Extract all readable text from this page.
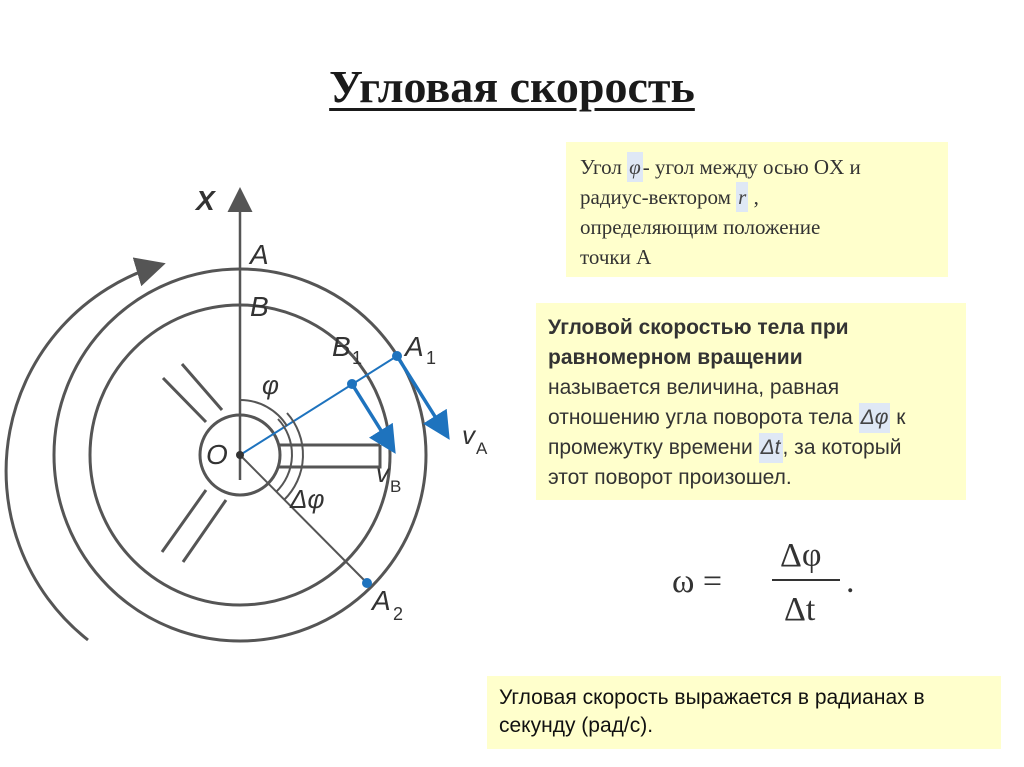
Угловая скорость
Угол φ- угол между осью OX и
радиус-вектором r ,
определяющим положение
точки A
Угловой скоростью тела при
равномерном вращении
называется величина, равная
отношению угла поворота тела Δφ к
промежутку времени Δt, за который
этот поворот произошел.
ω =
Δφ
Δt
.
X
A
B
B 1 A 1
A 2
O
φ
Δφ
v A
v B
Угловая скорость выражается в радианах в секунду (рад/с).
